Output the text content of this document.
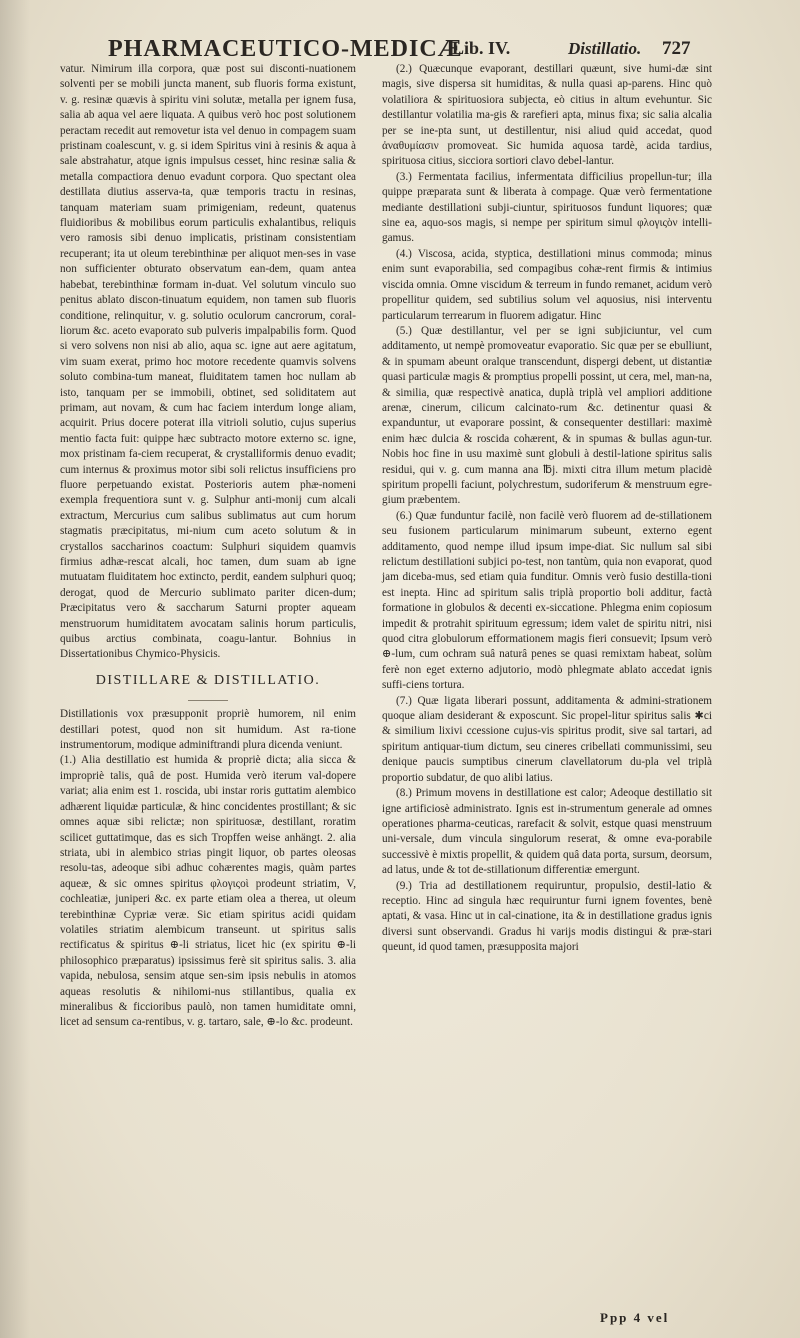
PHARMACEUTICO-MEDICÆ
Lib. IV.	Distillatio. 727

vatur. Nimirum illa corpora, quæ post sui disconti-nuationem solventi per se mobili juncta manent, sub fluoris forma existunt, v. g. resinæ quævis à spiritu vini solutæ, metalla per ignem fusa, salia ab aqua vel aere liquata. A quibus verò hoc post solutionem peractam recedit aut removetur ista vel denuo in compagem suam pristinam coalescunt, v. g. si idem Spiritus vini à resinis & aqua à sale abstrahatur, atque ignis impulsus cesset, hinc resinæ salia & metalla compactiora denuo evadunt corpora. Quo spectant olea destillata diutius asserva-ta, quæ temporis tractu in resinas, tanquam materiam suam primigeniam, redeunt, quatenus fluidioribus & mobilibus eorum particulis exhalantibus, reliquis vero ramosis sibi denuo implicatis, pristinam consistentiam recuperant; ita ut oleum terebinthinæ per aliquot men-ses in vase non sufficienter obturato observatum ean-dem, quam antea habebat, terebinthinæ formam in-duat. Vel solutum vinculo suo penitus ablato discon-tinuatum equidem, non tamen sub fluoris conditione, relinquitur, v. g. solutio oculorum cancrorum, coral-liorum &c. aceto evaporato sub pulveris impalpabilis form. Quod si vero solvens non nisi ab alio, aqua sc. igne aut aere agitatum, vim suam exerat, primo hoc motore recedente quamvis solvens soluto combina-tum maneat, fluiditatem tamen hoc nullam ab isto, tanquam per se immobili, obtinet, sed soliditatem aut primam, aut novam, & cum hac faciem interdum longe aliam, acquirit. Prius docere poterat illa vitrioli solutio, cujus superius mentio facta fuit: quippe hæc subtracto motore externo sc. igne, mox pristinam fa-ciem recuperat, & crystalliformis denuo evadit; cum internus & proximus motor sibi soli relictus insufficiens pro fluore perpetuando existat. Posterioris autem phæ-nomeni exempla frequentiora sunt v. g. Sulphur anti-monij cum alcali extractum, Mercurius cum salibus sublimatus aut cum horum stagmatis præcipitatus, mi-nium cum aceto solutum & in crystallos saccharinos coactum: Sulphuri siquidem quamvis firmius adhæ-rescat alcali, hoc tamen, dum suam ab igne mutuatam fluiditatem hoc extincto, perdit, eandem sulphuri quoq; derogat, quod de Mercurio sublimato pariter dicen-dum; Præcipitatus vero & saccharum Saturni propter aqueam menstruorum humiditatem avocatam salinis horum particulis, quibus arctius combinata, coagu-lantur. Bohnius in Dissertationibus Chymico-Physicis.

DISTILLARE & DISTILLATIO.

Distillationis vox præsupponit propriè humorem, nil enim destillari potest, quod non sit humidum. Ast ra-tione instrumentorum, modique adminiftrandi plura dicenda veniunt.

(1.) Alia destillatio est humida & propriè dicta; alia sicca & impropriè talis, quâ de post. Humida verò iterum val-dopere variat; alia enim est 1. roscida, ubi instar roris guttatim alembico adhærent liquidæ particulæ, & hinc concidentes prostillant; & sic omnes aquæ sibi relictæ; non spirituosæ, destillant, roratim scilicet guttatimque, das es sich Tropffen weise anhängt. 2. alia striata, ubi in alembico strias pingit liquor, ob partes oleosas resolu-tas, adeoque sibi adhuc cohærentes magis, quàm partes aqueæ, & sic omnes spiritus φλογιςοὶ prodeunt striatim, V, cochleatiæ, juniperi &c. ex parte etiam olea a therea, ut oleum terebinthinæ Cypriæ veræ. Sic etiam spiritus acidi quidam volatiles striatim alembicum transeunt. ut spiritus salis rectificatus & spiritus ⊕-li striatus, licet hic (ex spiritu ⊕-li philosophico præparatus) ipsissimus ferè sit spiritus salis. 3. alia vapida, nebulosa, sensim atque sen-sim ipsis nebulis in atomos aqueas resolutis & nihilomi-nus stillantibus, qualia ex mineralibus & ficcioribus paulò, non tamen humiditate omni, licet ad sensum ca-rentibus, v. g. tartaro, sale, ⊕-lo &c. prodeunt.

(2.) Quæcunque evaporant, destillari quæunt, sive humi-dæ sint magis, sive dispersa sit humiditas, & nulla quasi ap-parens. Hinc quò volatiliora & spirituosiora subjecta, eò citius in altum evehuntur. Sic destillantur volatilia ma-gis & rarefieri apta, minus fixa; sic salia alcalia per se ine-pta sunt, ut destillentur, nisi aliud quid accedat, quod ἀναθυμίασιν promoveat. Sic humida aquosa tardè, acida tardius, spirituosa citius, sicciora sortiori clavo debel-lantur.

(3.) Fermentata facilius, infermentata difficilius propellun-tur; illa quippe præparata sunt & liberata à compage. Quæ verò fermentatione mediante destillationi subji-ciuntur, spirituosos fundunt liquores; quæ sine ea, aquo-sos magis, si nempe per spiritum simul φλογιςὸν intelli-gamus.

(4.) Viscosa, acida, styptica, destillationi minus commoda; minus enim sunt evaporabilia, sed compagibus cohæ-rent firmis & intimius viscida omnia. Omne viscidum & terreum in fundo remanet, acidum verò propellitur quidem, sed subtilius solum vel aquosius, nisi interventu particularum terrearum in fluorem adigatur. Hinc

(5.) Quæ destillantur, vel per se igni subjiciuntur, vel cum additamento, ut nempè promoveatur evaporatio. Sic quæ per se ebulliunt, & in spumam abeunt oralque transcendunt, dispergi debent, ut distantiæ quasi particulæ magis & promptius propelli possint, ut cera, mel, man-na, & similia, quæ respectivè anatica, duplà triplà vel ampliori additione arenæ, cinerum, cilicum calcinato-rum &c. detinentur quasi & expanduntur, ut evaporare possint, & consequenter destillari: maximè enim hæc dulcia & roscida cohærent, & in spumas & bullas agun-tur. Nobis hoc fine in usu maximè sunt globuli à destil-latione spiritus salis residui, qui v. g. cum manna ana ℔j. mixti citra illum metum placidè spiritum propelli faciunt, polychrestum, sudoriferum & menstruum egre-gium præbentem.

(6.) Quæ funduntur facilè, non facilè verò fluorem ad de-stillationem seu fusionem particularum minimarum subeunt, externo egent additamento, quod nempe illud ipsum impe-diat. Sic nullum sal sibi relictum destillationi subjici po-test, non tantùm, quia non evaporat, quod jam diceba-mus, sed etiam quia funditur. Omnis verò fusio destilla-tioni est inepta. Hinc ad spiritum salis triplà proportio boli additur, factà formatione in globulos & decenti ex-siccatione. Phlegma enim copiosum impedit & protrahit spirituum egressum; idem valet de spiritu nitri, nisi quod citra globulorum efformationem magis fieri consuevit; Ipsum verò ⊕-lum, cum ochram suâ naturâ penes se quasi remixtam habeat, solùm ferè non eget externo adjutorio, modò phlegmate ablato accedat ignis suffi-ciens tortura.

(7.) Quæ ligata liberari possunt, additamenta & admini-strationem quoque aliam desiderant & exposcunt. Sic propel-litur spiritus salis ✱ci & similium lixivi ccessione cujus-vis spiritus prodit, sive sal tartari, ad spiritum antiquar-tium dictum, seu cineres cribellati communissimi, seu denique paucis sumptibus cinerum clavellatorum du-pla vel triplà proportio subdatur, de quo alibi latius.

(8.) Primum movens in destillatione est calor; Adeoque destillatio sit igne artificiosè administrato. Ignis est in-strumentum generale ad omnes operationes pharma-ceuticas, rarefacit & solvit, estque quasi menstruum uni-versale, dum vincula singulorum reserat, & omne eva-porabile successivè è mixtis propellit, & quidem quâ data porta, sursum, deorsum, ad latus, unde & tot de-stillationum differentiæ emergunt.

(9.) Tria ad destillationem requiruntur, propulsio, destil-latio & receptio. Hinc ad singula hæc requiruntur furni ignem foventes, benè aptati, & vasa. Hinc ut in cal-cinatione, ita & in destillatione gradus ignis diversi sunt observandi. Gradus hi varijs modis distingui & præ-stari queunt, id quod tamen, præsupposita majori

Ppp 4 vel
